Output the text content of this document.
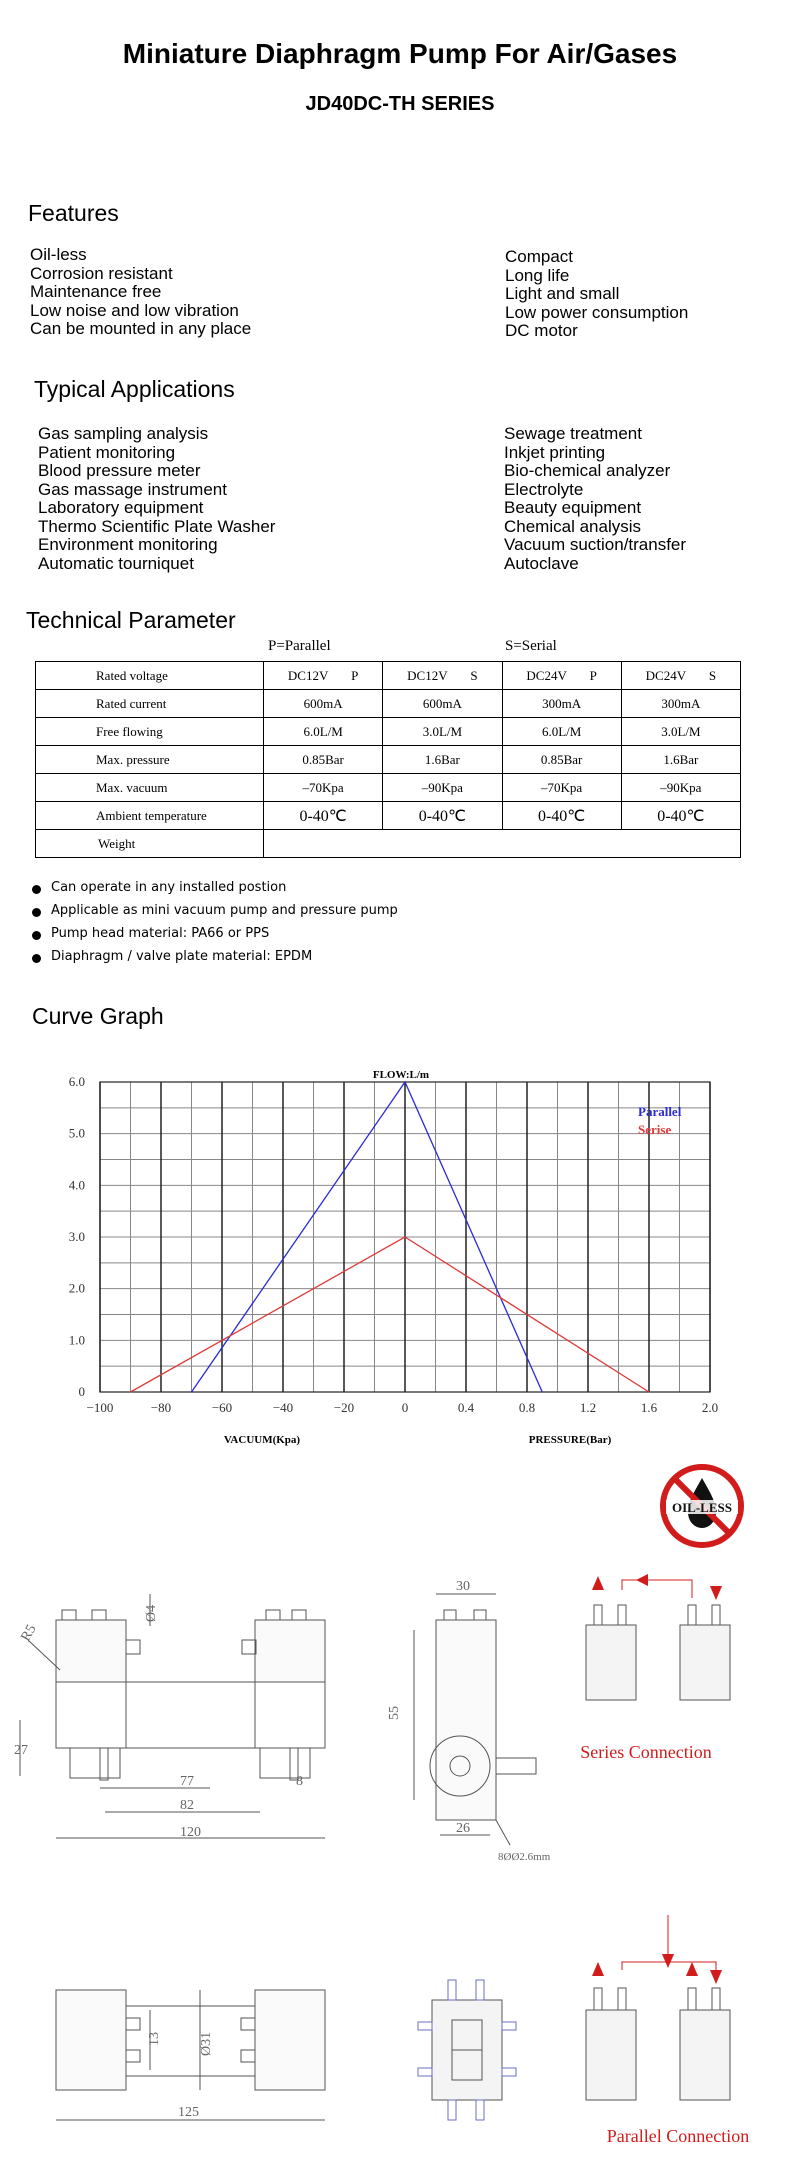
Miniature Diaphragm Pump For Air/Gases
JD40DC-TH SERIES
Features
Oil-less
Corrosion resistant
Maintenance free
Low noise and low vibration
Can be mounted in any place
Compact
Long life
Light and small
Low power consumption
DC motor
Typical Applications
Gas sampling analysis
Patient monitoring
Blood pressure meter
Gas massage instrument
Laboratory equipment
Thermo Scientific Plate Washer
Environment monitoring
Automatic tourniquet
Sewage treatment
Inkjet printing
Bio-chemical analyzer
Electrolyte
Beauty equipment
Chemical analysis
Vacuum suction/transfer
Autoclave
Technical Parameter
P=Parallel	S=Serial
Rated voltage	DC12V P	DC12V S	DC24V P	DC24V S
Rated current	600mA	600mA	300mA	300mA
Free flowing	6.0L/M	3.0L/M	6.0L/M	3.0L/M
Max. pressure	0.85Bar	1.6Bar	0.85Bar	1.6Bar
Max. vacuum	–70Kpa	–90Kpa	–70Kpa	–90Kpa
Ambient temperature	0-40℃	0-40℃	0-40℃	0-40℃
Weight				
Can operate in any installed postion
Applicable as mini vacuum pump and pressure pump
Pump head material: PA66 or PPS
Diaphragm / valve plate material: EPDM
Curve Graph
0
1.0
2.0
3.0
4.0
5.0
6.0
−100	−80	−60	−40	−20	0	0.4	0.8	1.2	1.6	2.0
FLOW:L/m
VACUUM(Kpa)	PRESSURE(Bar)
Parallel
Serise
OIL-LESS
Ø4
R5
27
77
82
120
8
30
55
26
8ØØ2.6mm
13	Ø31
125
Series Connection
Parallel Connection
